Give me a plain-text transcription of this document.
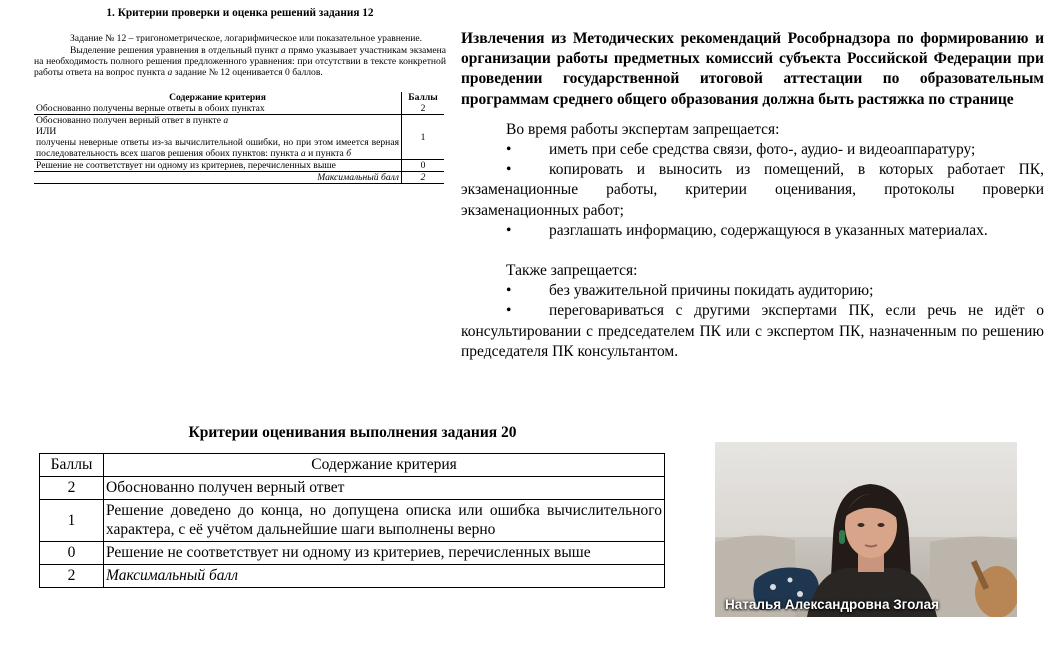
1. Критерии проверки и оценка решений задания 12

Задание № 12 – тригонометрическое, логарифмическое или показательное уравнение.

Выделение решения уравнения в отдельный пункт а прямо указывает участникам экзамена на необходимость полного решения предложенного уравнения: при отсутствии в тексте конкретной работы ответа на вопрос пункта а задание № 12 оценивается 0 баллов.

Содержание критерия	Баллы
Обоснованно получены верные ответы в обоих пунктах	2
Обоснованно получен верный ответ в пункте а
ИЛИ
получены неверные ответы из-за вычислительной ошибки, но при этом имеется верная последовательность всех шагов решения обоих пунктов: пункта а и пункта б	1
Решение не соответствует ни одному из критериев, перечисленных выше	0
Максимальный балл	2

Извлечения из Методических рекомендаций Рособрнадзора по формированию и организации работы предметных комиссий субъекта Российской Федерации при проведении государственной итоговой аттестации по образовательным программам среднего общего образования должна быть растяжка по странице

Во время работы экспертам запрещается:

• иметь при себе средства связи, фото-, аудио- и видеоаппаратуру;
• копировать и выносить из помещений, в которых работает ПК, экзаменационные работы, критерии оценивания, протоколы проверки экзаменационных работ;
• разглашать информацию, содержащуюся в указанных материалах.

Также запрещается:

• без уважительной причины покидать аудиторию;
• переговариваться с другими экспертами ПК, если речь не идёт о консультировании с председателем ПК или с экспертом ПК, назначенным по решению председателя ПК консультантом.
Критерии оценивания выполнения задания 20
Баллы	Содержание критерия
2	Обоснованно получен верный ответ
1	Решение доведено до конца, но допущена описка или ошибка вычислительного характера, с её учётом дальнейшие шаги выполнены верно
0	Решение не соответствует ни одному из критериев, перечисленных выше
2	Максимальный балл
Наталья Александровна Зголая
